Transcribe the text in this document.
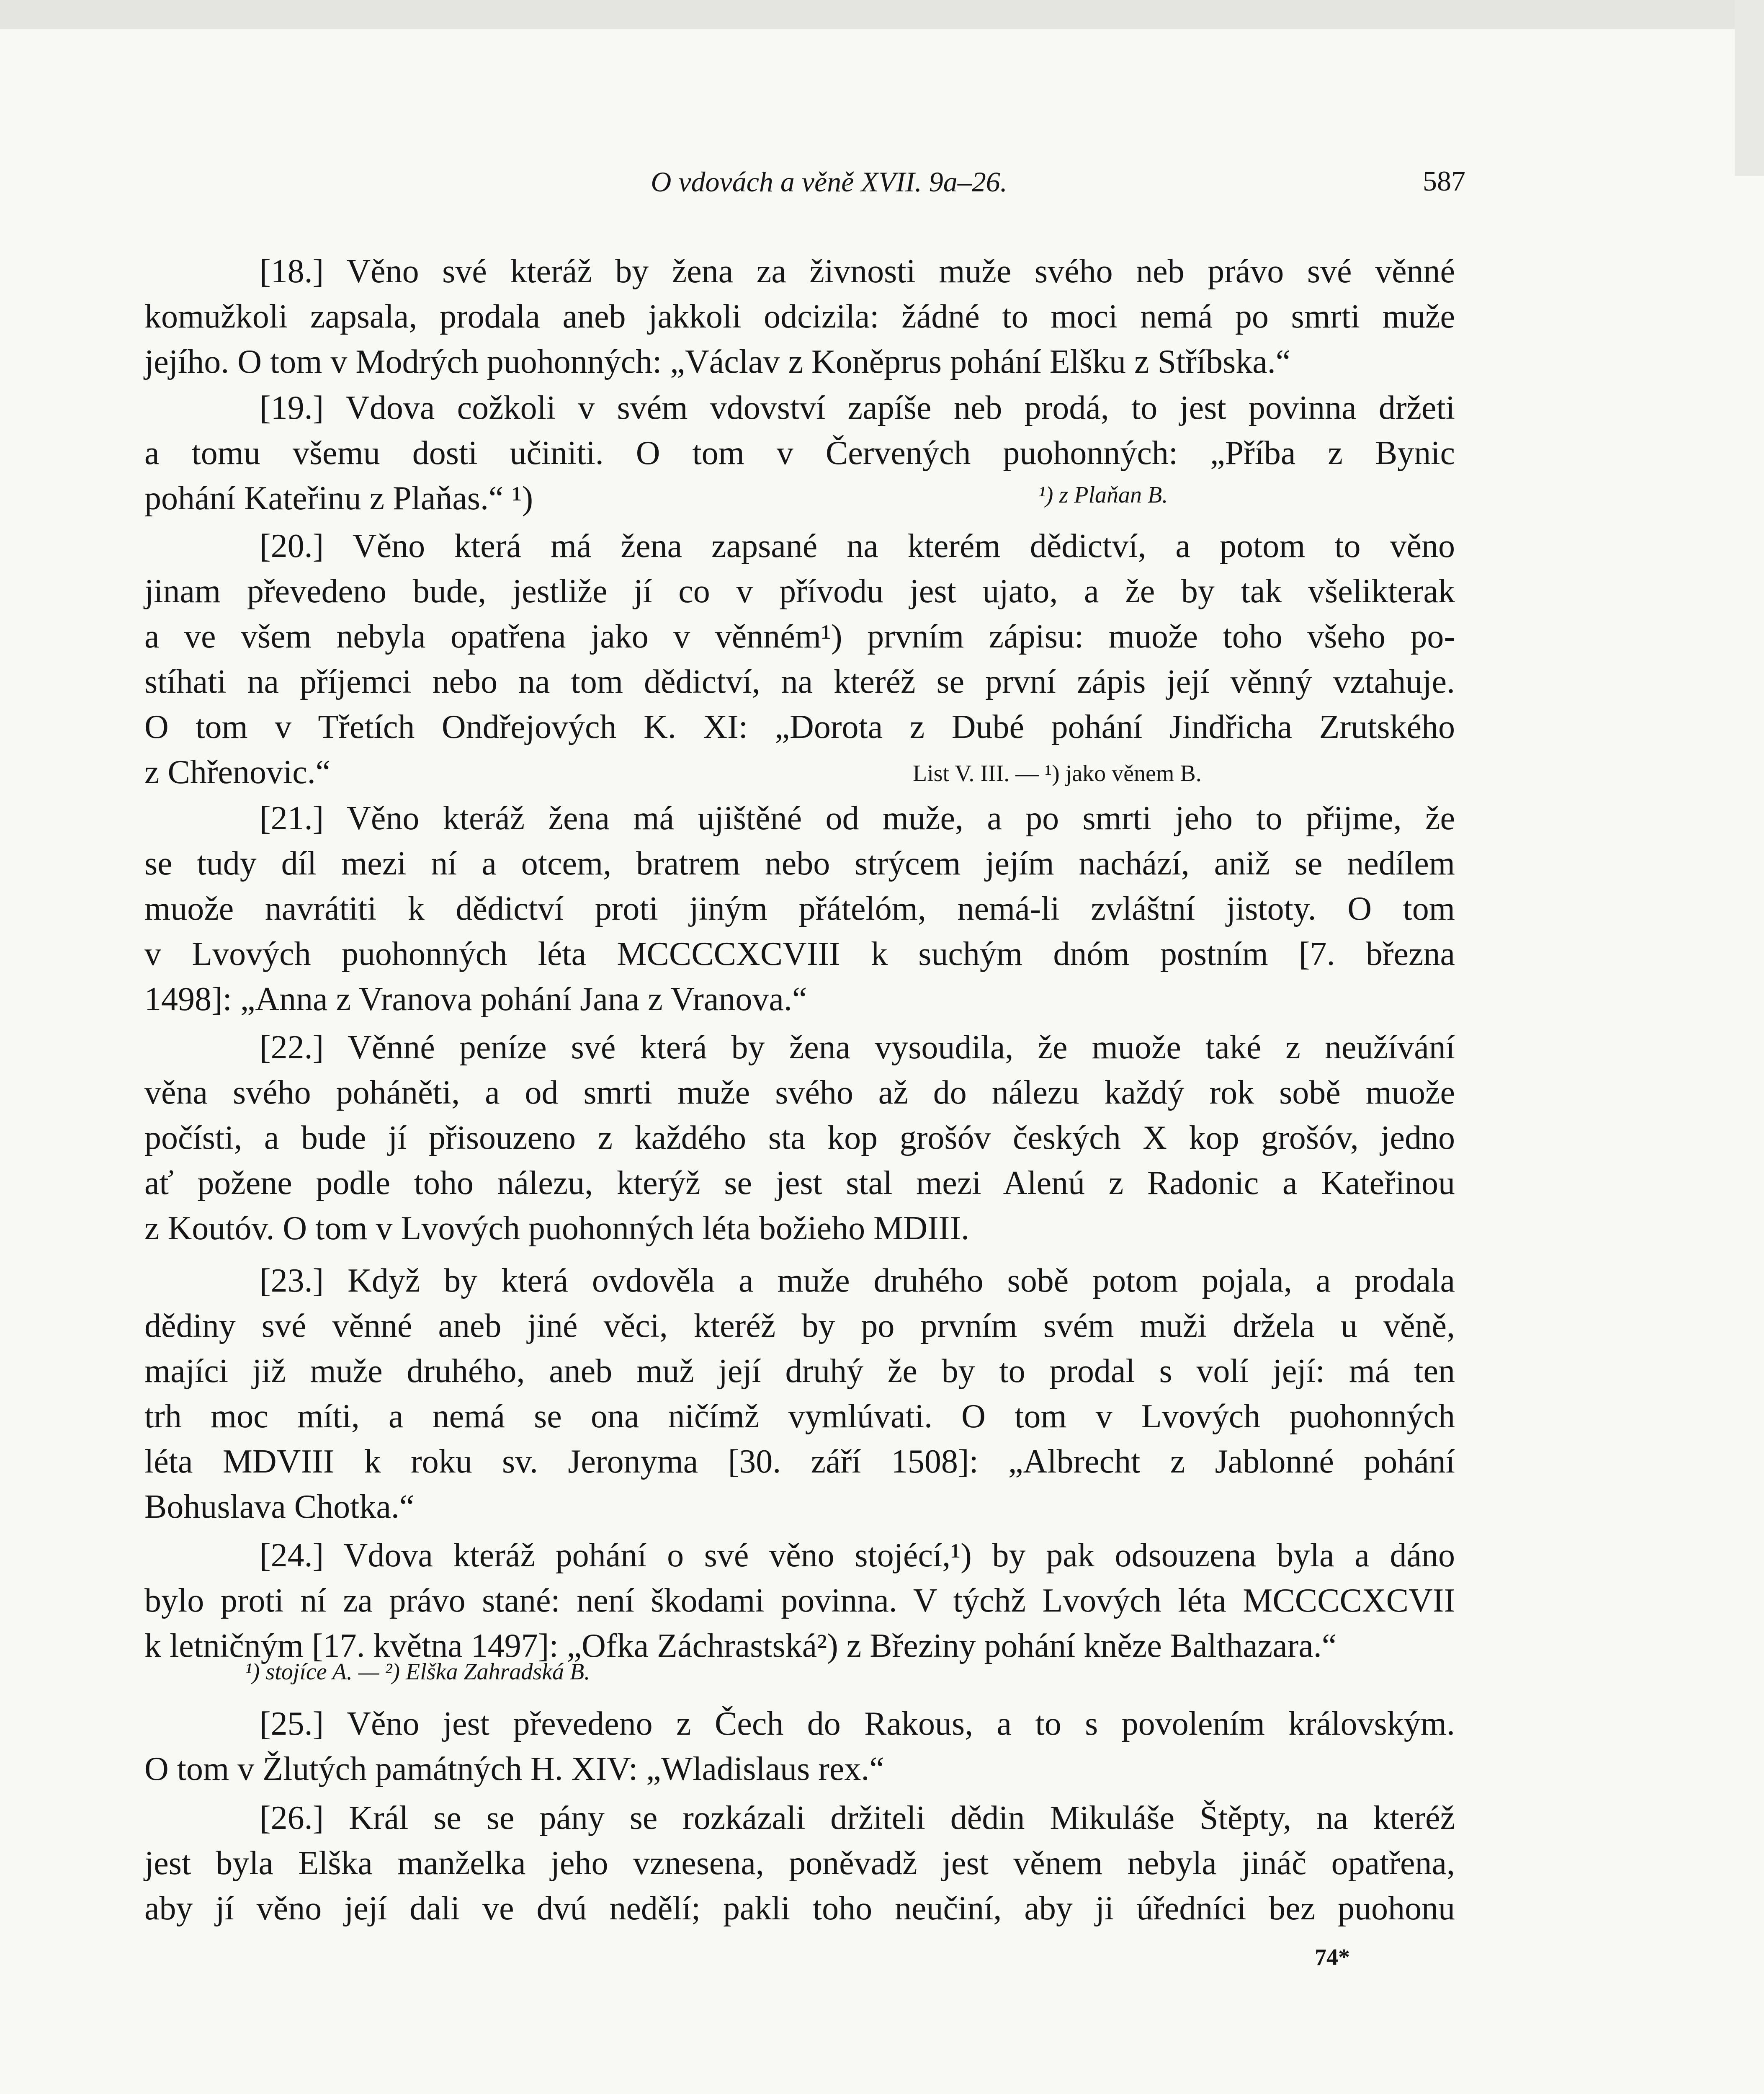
O vdovách a věně XVII. 9a–26.	587
[18.] Věno své kteráž by žena za živnosti muže svého neb právo své věnné
komužkoli zapsala, prodala aneb jakkoli odcizila: žádné to moci nemá po smrti muže
jejího. O tom v Modrých puohonných: „Václav z Koněprus pohání Elšku z Stříbska.“
[19.] Vdova cožkoli v svém vdovství zapíše neb prodá, to jest povinna držeti
a tomu všemu dosti učiniti. O tom v Červených puohonných: „Příba z Bynic
pohání Kateřinu z Plaňas.“ ¹)	¹) z Plaňan B.
[20.] Věno která má žena zapsané na kterém dědictví, a potom to věno
jinam převedeno bude, jestliže jí co v přívodu jest ujato, a že by tak všelikterak
a ve všem nebyla opatřena jako v věnném¹) prvním zápisu: muože toho všeho po-
stíhati na příjemci nebo na tom dědictví, na kteréž se první zápis její věnný vztahuje.
O tom v Třetích Ondřejových K. XI: „Dorota z Dubé pohání Jindřicha Zrutského
z Chřenovic.“	List V. III. — ¹) jako věnem B.
[21.] Věno kteráž žena má ujištěné od muže, a po smrti jeho to přijme, že
se tudy díl mezi ní a otcem, bratrem nebo strýcem jejím nachází, aniž se nedílem
muože navrátiti k dědictví proti jiným přátelóm, nemá-li zvláštní jistoty. O tom
v Lvových puohonných léta MCCCCXCVIII k suchým dnóm postním [7. března
1498]: „Anna z Vranova pohání Jana z Vranova.“
[22.] Věnné peníze své která by žena vysoudila, že muože také z neužívání
věna svého poháněti, a od smrti muže svého až do nálezu každý rok sobě muože
počísti, a bude jí přisouzeno z každého sta kop grošóv českých X kop grošóv, jedno
ať požene podle toho nálezu, kterýž se jest stal mezi Alenú z Radonic a Kateřinou
z Koutóv. O tom v Lvových puohonných léta božieho MDIII.
[23.] Když by která ovdověla a muže druhého sobě potom pojala, a prodala
dědiny své věnné aneb jiné věci, kteréž by po prvním svém muži držela u věně,
majíci již muže druhého, aneb muž její druhý že by to prodal s volí její: má ten
trh moc míti, a nemá se ona ničímž vymlúvati. O tom v Lvových puohonných
léta MDVIII k roku sv. Jeronyma [30. září 1508]: „Albrecht z Jablonné pohání
Bohuslava Chotka.“
[24.] Vdova kteráž pohání o své věno stojécí,¹) by pak odsouzena byla a dáno
bylo proti ní za právo stané: není škodami povinna. V týchž Lvových léta MCCCCXCVII
k letničným [17. května 1497]: „Ofka Záchrastská²) z Březiny pohání kněze Balthazara.“
¹) stojíce A. — ²) Elška Zahradská B.
[25.] Věno jest převedeno z Čech do Rakous, a to s povolením královským.
O tom v Žlutých památných H. XIV: „Wladislaus rex.“
[26.] Král se se pány se rozkázali držiteli dědin Mikuláše Štěpty, na kteréž
jest byla Elška manželka jeho vznesena, poněvadž jest věnem nebyla jináč opatřena,
aby jí věno její dali ve dvú nedělí; pakli toho neučiní, aby ji úředníci bez puohonu
74*
